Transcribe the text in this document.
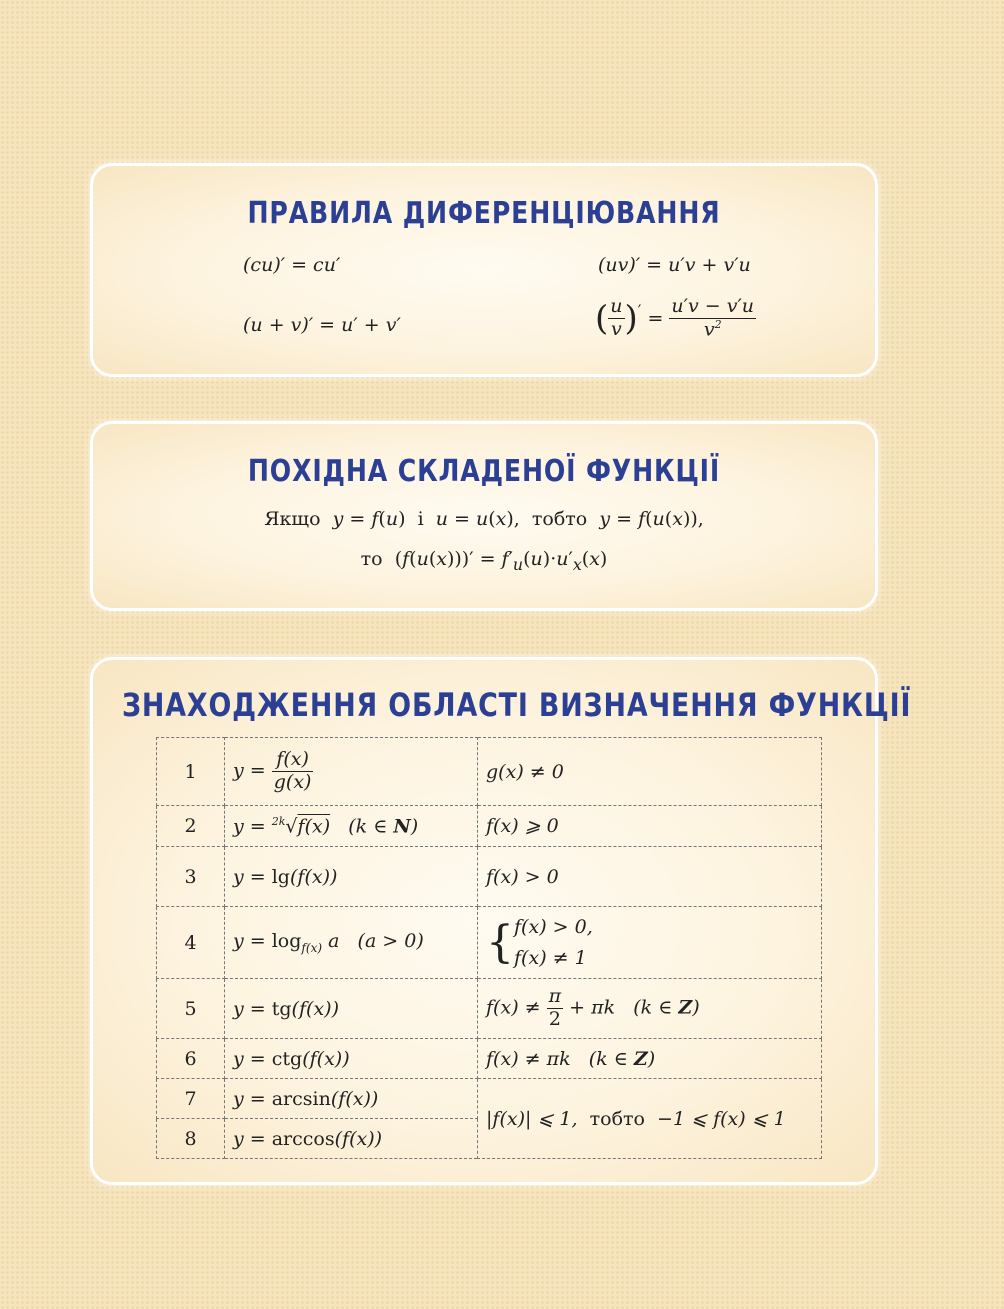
ПРАВИЛА ДИФЕРЕНЦІЮВАННЯ
(cu)′ = cu′	(uv)′ = u′v + v′u
(u + v)′ = u′ + v′	( $\frac{u}{v} )' = \frac{u'v - v'u}{v^2}$
ПОХІДНА СКЛАДЕНОЇ ФУНКЦІЇ
Якщо y = f(u)  і u = u(x),  тобто y = f(u(x)),
то  $(f(u(x)))' = f'_u(u)\cdot u'_x(x)$
ЗНАХОДЖЕННЯ ОБЛАСТІ ВИЗНАЧЕННЯ ФУНКЦІЇ
1	$y = \frac{f(x)}{g(x)}$	g(x) ≠ 0
2	y = $^{2k}$√f(x)   (k ∈ N)	f(x) ⩾ 0
3	y = lg(f(x))	f(x) > 0
4	$y = \log_{f(x)} a$   (a > 0)	{f(x) > 0,
f(x) ≠ 1
5	y = tg(f(x))	$f(x) \ne \frac{\pi}{2} + \pi k$   (k ∈ Z)
6	y = ctg(f(x))	f(x) ≠ πk   (k ∈ Z)
7	y = arcsin(f(x))	|f(x)| ⩽ 1,  тобто  −1 ⩽ f(x) ⩽ 1
8	y = arccos(f(x))	
